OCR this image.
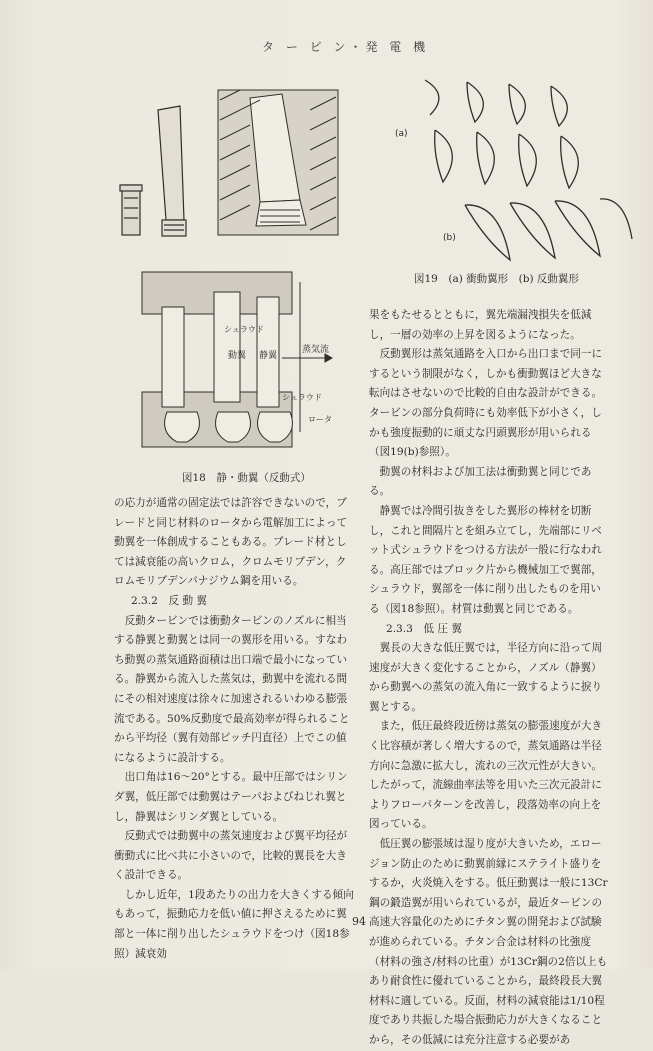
タ ー ビ ン・発 電 機
シュラウド
動翼 静翼
蒸気流
シュラウド
ロータ
図18　静・動翼（反動式）
(a)
(b)
図19　(a) 衝動翼形　(b) 反動翼形

の応力が通常の固定法では許容できないので，ブレードと同じ材料のロータから電解加工によって動翼を一体創成することもある。ブレード材としては減衰能の高いクロム，クロムモリブデン，クロムモリブデンバナジウム鋼を用いる。

2.3.2　反 動 翼

反動タービンでは衝動タービンのノズルに相当する静翼と動翼とは同一の翼形を用いる。すなわち動翼の蒸気通路面積は出口端で最小になっている。静翼から流入した蒸気は，動翼中を流れる間にその相対速度は徐々に加速されるいわゆる膨張流である。50%反動度で最高効率が得られることから平均径（翼有効部ピッチ円直径）上でこの値になるように設計する。

出口角は16～20°とする。最中圧部ではシリンダ翼，低圧部では動翼はテーパおよびねじれ翼とし，静翼はシリンダ翼としている。

反動式では動翼中の蒸気速度および翼平均径が衝動式に比べ共に小さいので，比較的翼長を大きく設計できる。

しかし近年，1段あたりの出力を大きくする傾向もあって，振動応力を低い値に押さえるために翼部と一体に削り出したシュラウドをつけ（図18参照）減衰効

果をもたせるとともに，翼先端漏洩損失を低減し，一層の効率の上昇を図るようになった。

反動翼形は蒸気通路を入口から出口まで同一にするという制限がなく，しかも衝動翼ほど大きな転向はさせないので比較的自由な設計ができる。タービンの部分負荷時にも効率低下が小さく，しかも強度振動的に頑丈な円頭翼形が用いられる（図19(b)参照）。

動翼の材料および加工法は衝動翼と同じである。

静翼では冷間引抜きをした翼形の棒材を切断し，これと間隔片とを組み立てし，先端部にリベット式シュラウドをつける方法が一般に行なわれる。高圧部ではブロック片から機械加工で翼部，シュラウド，翼部を一体に削り出したものを用いる（図18参照）。材質は動翼と同じである。

2.3.3　低 圧 翼

翼長の大きな低圧翼では，半径方向に沿って周速度が大きく変化することから，ノズル（静翼）から動翼への蒸気の流入角に一致するように捩り翼とする。

また，低圧最終段近傍は蒸気の膨張速度が大きく比容積が著しく増大するので，蒸気通路は半径方向に急激に拡大し，流れの三次元性が大きい。したがって，流線曲率法等を用いた三次元設計によりフローパターンを改善し，段落効率の向上を図っている。

低圧翼の膨張域は湿り度が大きいため，エロージョン防止のために動翼前縁にステライト盛りをするか，火炎焼入をする。低圧動翼は一般に13Cr鋼の鍛造翼が用いられているが，最近タービンの高速大容量化のためにチタン翼の開発および試験が進められている。チタン合金は材料の比強度（材料の強さ/材料の比重）が13Cr鋼の2倍以上もあり耐食性に優れていることから，最終段長大翼材料に適している。反面，材料の減衰能は1/10程度であり共振した場合振動応力が大きくなることから，その低減には充分注意する必要があ

94
